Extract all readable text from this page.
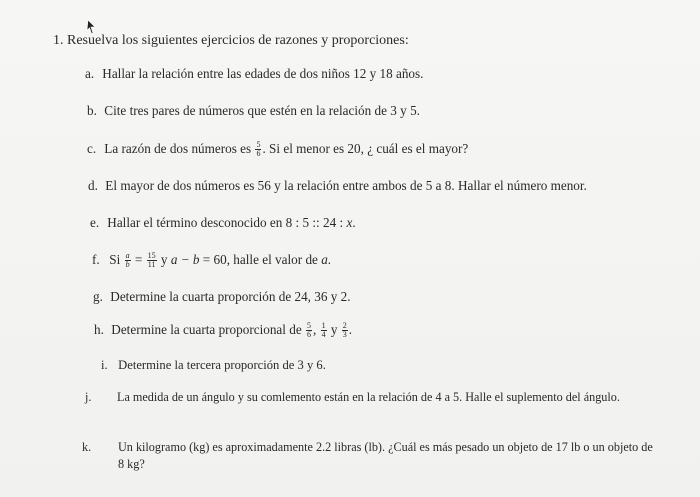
1. Resuelva los siguientes ejercicios de razones y proporciones:
a. Hallar la relación entre las edades de dos niños 12 y 18 años.
b. Cite tres pares de números que estén en la relación de 3 y 5.
c. La razón de dos números es $\frac{5}{6}$ . Si el menor es 20, ¿ cuál es el mayor?
d. El mayor de dos números es 56 y la relación entre ambos de 5 a 8. Hallar el número menor.
e. Hallar el término desconocido en 8 : 5 :: 24 : x.
f. Si $\frac{a}{b} = \frac{15}{11}$ y a − b = 60, halle el valor de a.
g. Determine la cuarta proporción de 24, 36 y 2.
h. Determine la cuarta proporcional de $\frac{5}{6}$ , $\frac{1}{4}$ y $\frac{2}{3}$ .
i. Determine la tercera proporción de 3 y 6.
j. La medida de un ángulo y su comlemento están en la relación de 4 a 5. Halle el suplemento del ángulo.
k. Un kilogramo (kg) es aproximadamente 2.2 libras (lb). ¿Cuál es más pesado un objeto de 17 lb o un objeto de 8 kg?
